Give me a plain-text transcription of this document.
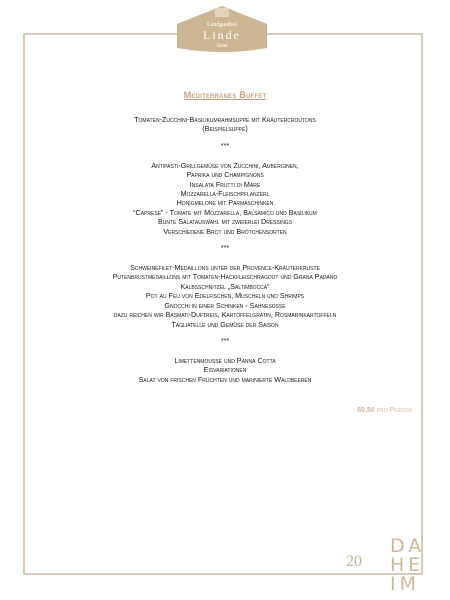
Landgasthof
Linde
Hotel

Mediterranes Buffet

Tomaten-Zucchini-Basilikumrahmsuppe mit Kräutercroutons

(Beispielsuppe)

***

Antipasti-Grillgemüse von Zucchini, Auberginen,

Paprika und Champignons

Insalata Frutti di Mare

Mozzarella-Fleischpflanzerl

Honigmelone mit Parmaschinken

“Caprese” - Tomate mit Mozzarella, Balsamico und Basilikum

Bunte Salatauswahl mit zweierlei Dressings

Verschiedene Brot und Brötchensorten

***

Schweinefilet-Medaillons unter der Provence-Kräuterkruste

Putenbrustmedaillons mit Tomaten-Hackfleischragout und Grana Padano

Kalbsschnitzel „Saltimbocca“

Pot au Feu von Edelfischen, Muscheln und Shrimps

Gnocchi in einer Schinken - Sahnesoße

dazu reichen wir Basmati-Duftreis, Kartoffelgratin, Rosmarinkartoffeln

Tagliatelle und Gemüse der Saison

***

Limettenmousse und Panna Cotta

Eisvariationen

Salat von frischen Früchten und marinierte Waldbeeren

60,50 pro Person
20
DA
HE
IM
